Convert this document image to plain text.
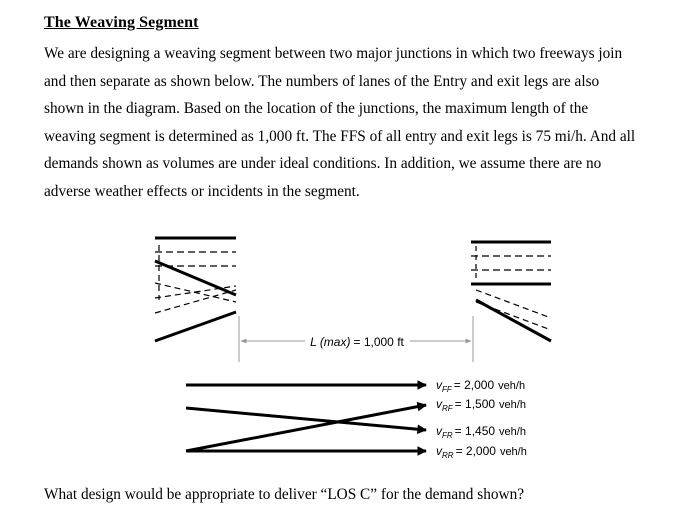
The Weaving Segment

We are designing a weaving segment between two major junctions in which two freeways join
and then separate as shown below. The numbers of lanes of the Entry and exit legs are also
shown in the diagram. Based on the location of the junctions, the maximum length of the
weaving segment is determined as 1,000 ft. The FFS of all entry and exit legs is 75 mi/h. And all
demands shown as volumes are under ideal conditions. In addition, we assume there are no
adverse weather effects or incidents in the segment.

L (max) = 1,000 ft
$v_{FF} = 2,000$ veh/h
$v_{RF} = 1,500$ veh/h
$v_{FR} = 1,450$ veh/h
$v_{RR} = 2,000$ veh/h
What design would be appropriate to deliver “LOS C” for the demand shown?
